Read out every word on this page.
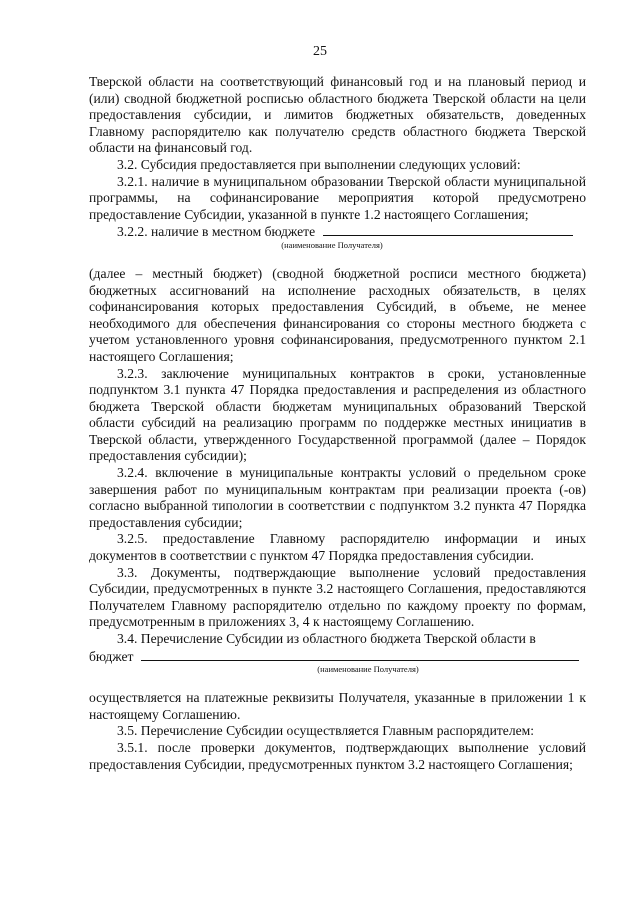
25

Тверской области на соответствующий финансовый год и на плановый период и (или) сводной бюджетной росписью областного бюджета Тверской области на цели предоставления субсидии, и лимитов бюджетных обязательств, доведенных Главному распорядителю как получателю средств областного бюджета Тверской области на финансовый год.

3.2. Субсидия предоставляется при выполнении следующих условий:

3.2.1. наличие в муниципальном образовании Тверской области муниципальной программы, на софинансирование мероприятия которой предусмотрено предоставление Субсидии, указанной в пункте 1.2 настоящего Соглашения;

3.2.2. наличие в местном бюджете
(наименование Получателя)

(далее – местный бюджет) (сводной бюджетной росписи местного бюджета) бюджетных ассигнований на исполнение расходных обязательств, в целях софинансирования которых предоставления Субсидий, в объеме, не менее необходимого для обеспечения финансирования со стороны местного бюджета с учетом установленного уровня софинансирования, предусмотренного пунктом 2.1 настоящего Соглашения;

3.2.3. заключение муниципальных контрактов в сроки, установленные подпунктом 3.1 пункта 47 Порядка предоставления и распределения из областного бюджета Тверской области бюджетам муниципальных образований Тверской области субсидий на реализацию программ по поддержке местных инициатив в Тверской области, утвержденного Государственной программой (далее – Порядок предоставления субсидии);

3.2.4. включение в муниципальные контракты условий о предельном сроке завершения работ по муниципальным контрактам при реализации проекта (-ов) согласно выбранной типологии в соответствии с подпунктом 3.2 пункта 47 Порядка предоставления субсидии;

3.2.5. предоставление Главному распорядителю информации и иных документов в соответствии с пунктом 47 Порядка предоставления субсидии.

3.3. Документы, подтверждающие выполнение условий предоставления Субсидии, предусмотренных в пункте 3.2 настоящего Соглашения, предоставляются Получателем Главному распорядителю отдельно по каждому проекту по формам, предусмотренным в приложениях 3, 4 к настоящему Соглашению.

3.4. Перечисление Субсидии из областного бюджета Тверской области в

бюджет
(наименование Получателя)

осуществляется на платежные реквизиты Получателя, указанные в приложении 1 к настоящему Соглашению.

3.5. Перечисление Субсидии осуществляется Главным распорядителем:

3.5.1. после проверки документов, подтверждающих выполнение условий предоставления Субсидии, предусмотренных пунктом 3.2 настоящего Соглашения;
